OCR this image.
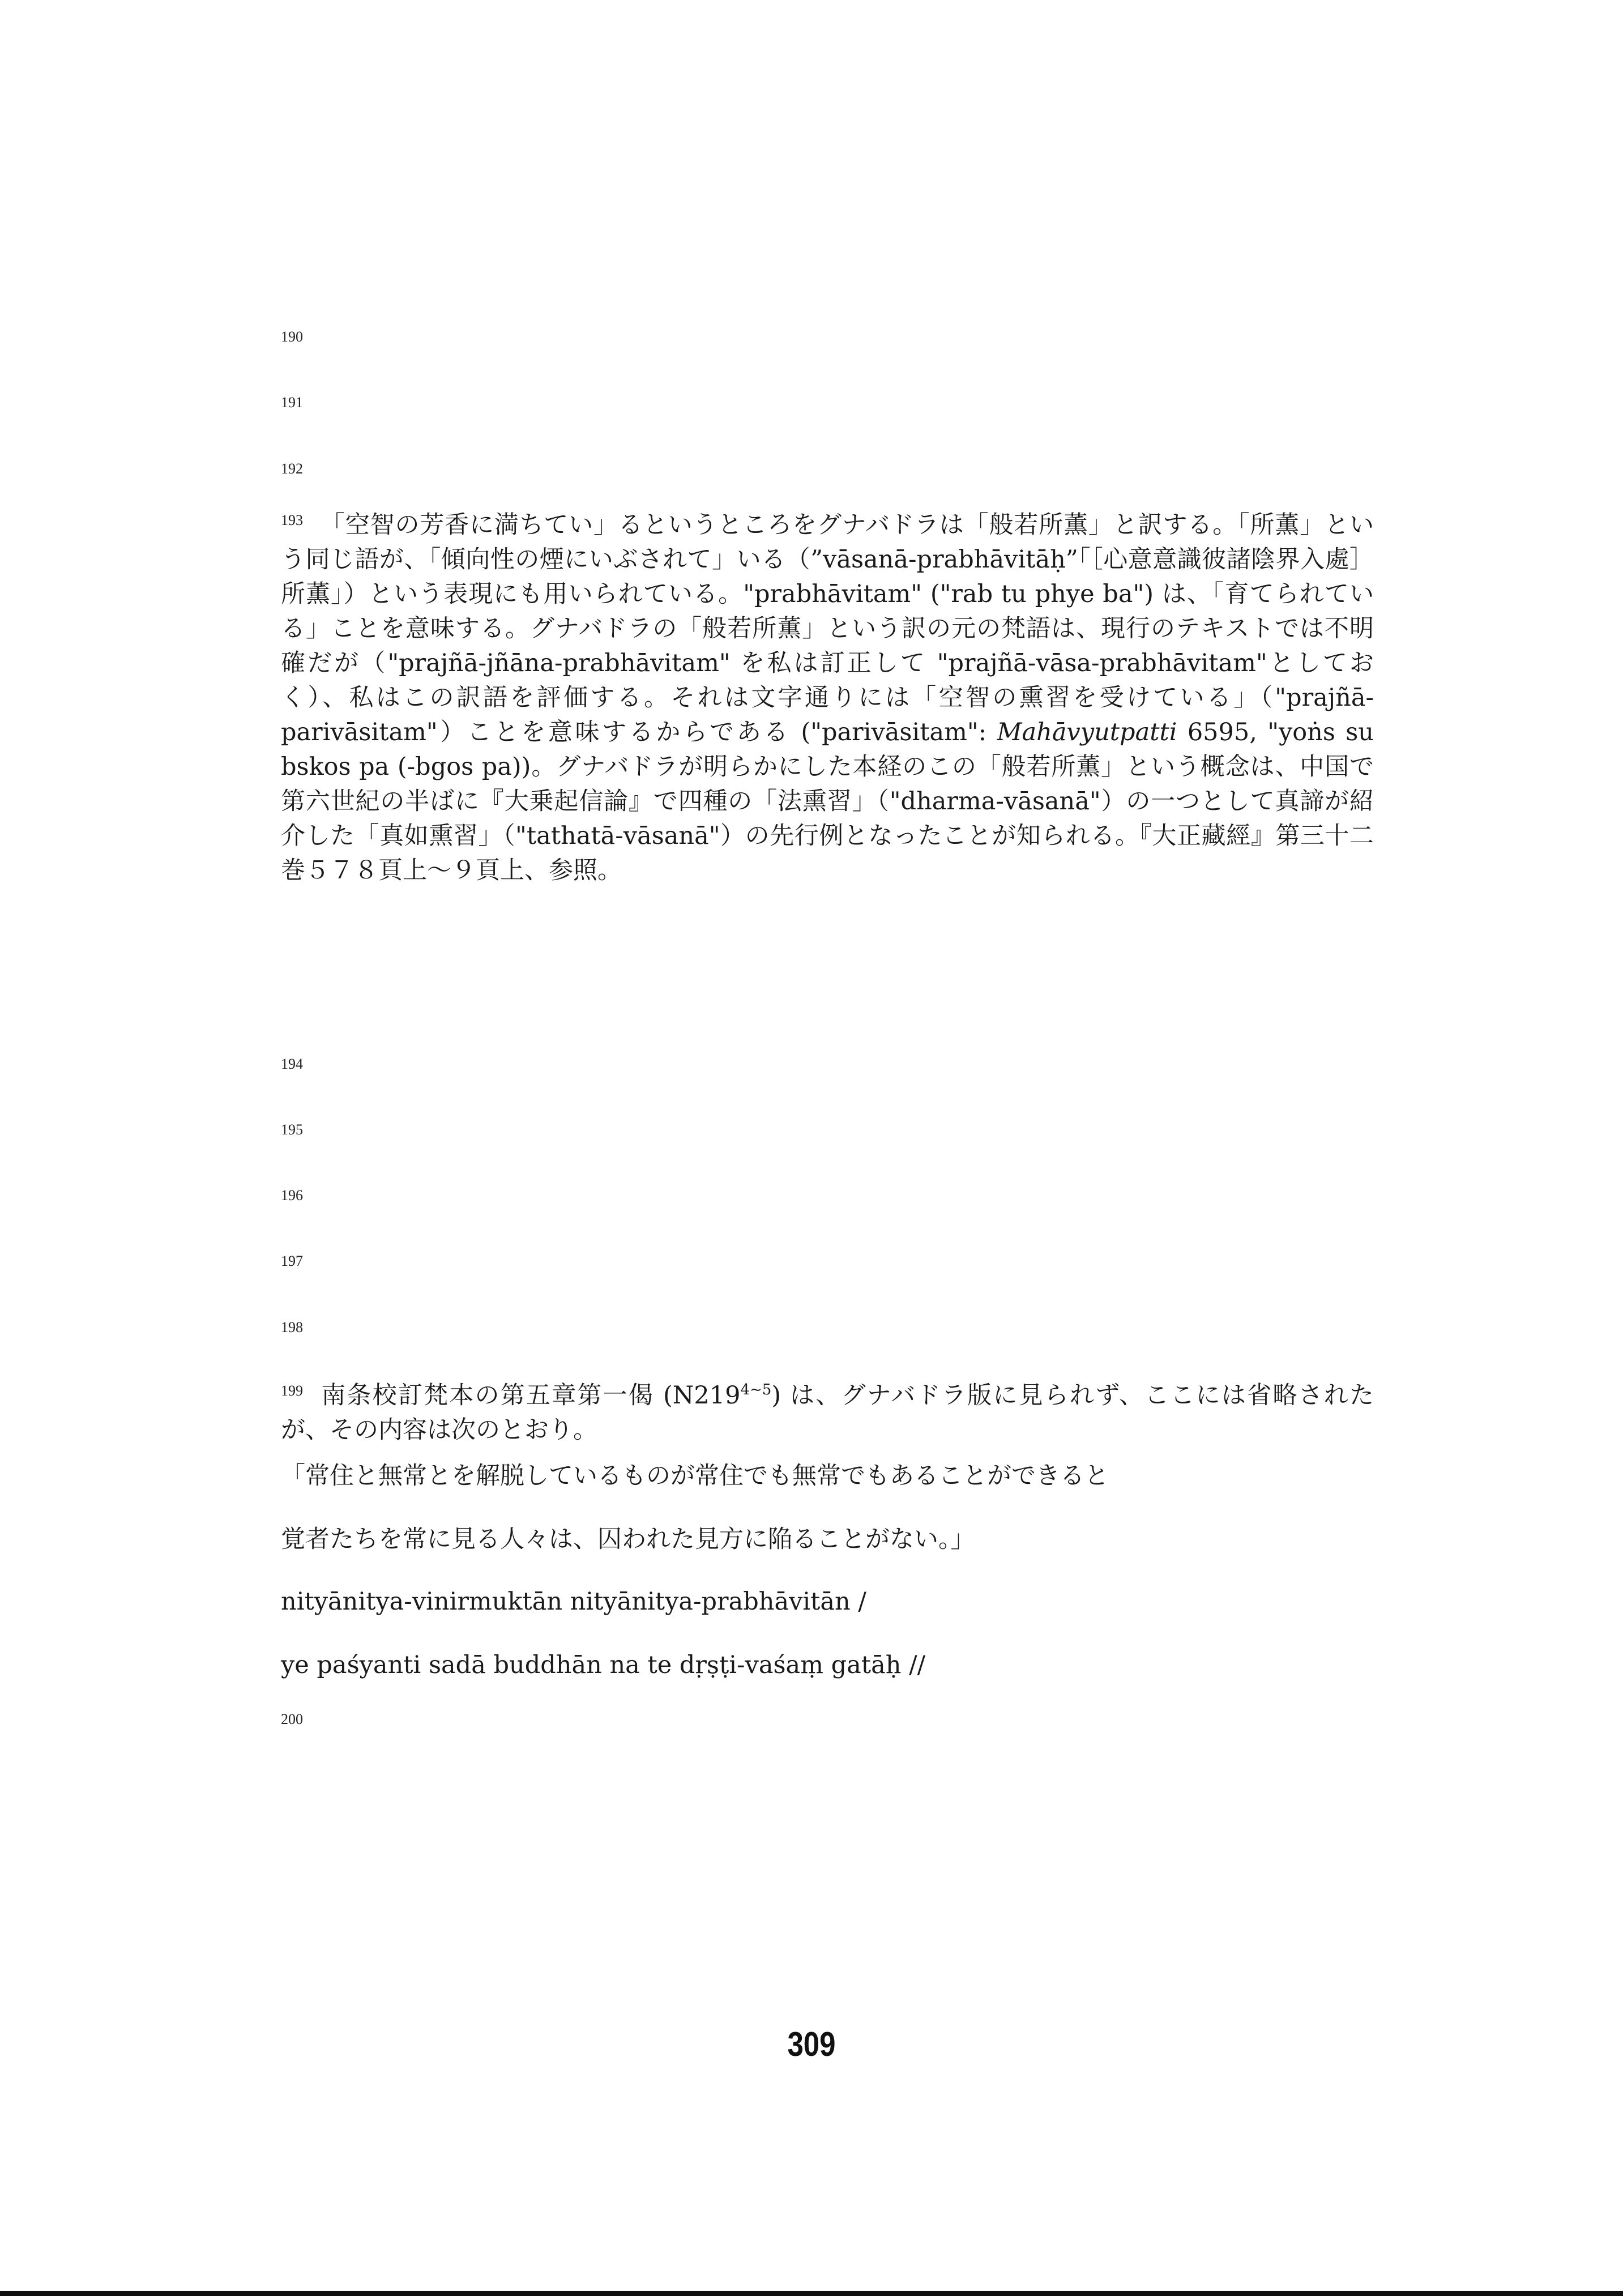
190
191
192

$^{193}$ 「空智の芳香に満ちてい」るというところをグナバドラは「般若所薫」と訳する。「所薫」という同じ語が、「傾向性の煙にいぶされて」いる（”vāsanā-prabhāvitāḥ”「［心意意識彼諸陰界入處］所薫」）という表現にも用いられている。"prabhāvitam" ("rab tu phye ba") は、「育てられている」ことを意味する。グナバドラの「般若所薫」という訳の元の梵語は、現行のテキストでは不明確だが（"prajñā-jñāna-prabhāvitam" を私は訂正して "prajñā-vāsa-prabhāvitam"としておく）、私はこの訳語を評価する。それは文字通りには「空智の熏習を受けている」（"prajñā-parivāsitam"）ことを意味するからである ("parivāsitam": Mahāvyutpatti 6595, "yoṅs su bskos pa (-bgos pa))。グナバドラが明らかにした本経のこの「般若所薫」という概念は、中国で第六世紀の半ばに『大乗起信論』で四種の「法熏習」（"dharma-vāsanā"）の一つとして真諦が紹介した「真如熏習」（"tathatā-vāsanā"）の先行例となったことが知られる。『大正藏經』第三十二巻５７８頁上～９頁上、参照。

194
195
196
197
198

$^{199}$ 南条校訂梵本の第五章第一偈 $(N219^{4\sim 5})$ は、グナバドラ版に見られず、ここには省略されたが、その内容は次のとおり。

「常住と無常とを解脱しているものが常住でも無常でもあることができると
覚者たちを常に見る人々は、囚われた見方に陥ることがない。」
nityānitya-vinirmuktān nityānitya-prabhāvitān /
ye paśyanti sadā buddhān na te dṛṣṭi-vaśaṃ gatāḥ //
200
309
